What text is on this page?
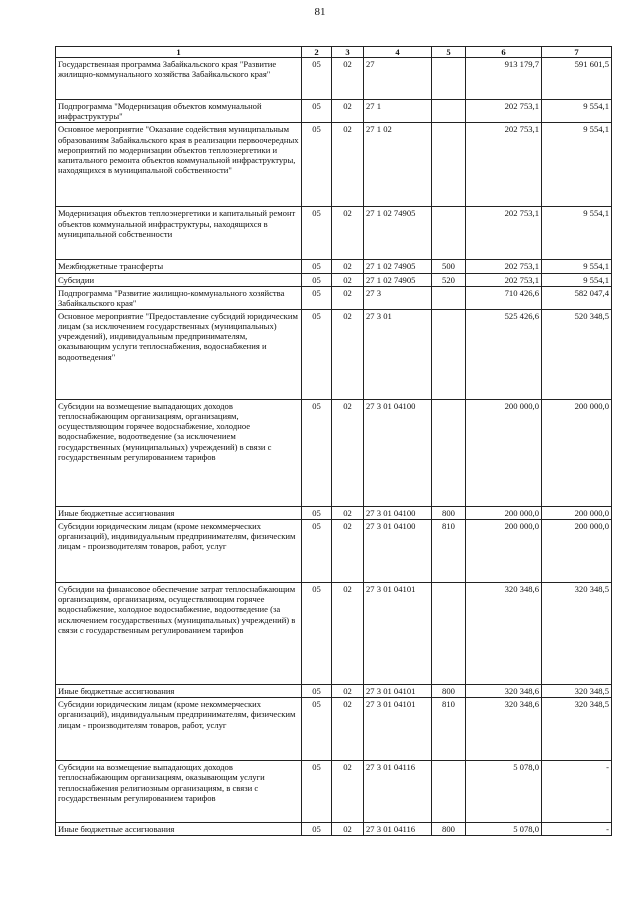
81
1	2	3	4	5	6	7
Государственная программа Забайкальского края "Развитие жилищно-коммунального хозяйства Забайкальского края"	05	02	27		913 179,7	591 601,5
Подпрограмма "Модернизация объектов коммунальной инфраструктуры"	05	02	27 1		202 753,1	9 554,1
Основное мероприятие "Оказание содействия муниципальным образованиям Забайкальского края в реализации первоочередных мероприятий по модернизации объектов теплоэнергетики и капитального ремонта объектов коммунальной инфраструктуры, находящихся в муниципальной собственности"	05	02	27 1 02		202 753,1	9 554,1
Модернизация объектов теплоэнергетики и капитальный ремонт объектов коммунальной инфраструктуры, находящихся в муниципальной собственности	05	02	27 1 02 74905		202 753,1	9 554,1
Межбюджетные трансферты	05	02	27 1 02 74905	500	202 753,1	9 554,1
Субсидии	05	02	27 1 02 74905	520	202 753,1	9 554,1
Подпрограмма "Развитие жилищно-коммунального хозяйства Забайкальского края"	05	02	27 3		710 426,6	582 047,4
Основное мероприятие "Предоставление субсидий юридическим лицам (за исключением государственных (муниципальных) учреждений), индивидуальным предпринимателям, оказывающим услуги теплоснабжения, водоснабжения и водоотведения"	05	02	27 3 01		525 426,6	520 348,5
Субсидии на возмещение выпадающих доходов теплоснабжающим организациям, организациям, осуществляющим горячее водоснабжение, холодное водоснабжение, водоотведение (за исключением государственных (муниципальных) учреждений) в связи с государственным регулированием тарифов	05	02	27 3 01 04100		200 000,0	200 000,0
Иные бюджетные ассигнования	05	02	27 3 01 04100	800	200 000,0	200 000,0
Субсидии юридическим лицам (кроме некоммерческих организаций), индивидуальным предпринимателям, физическим лицам - производителям товаров, работ, услуг	05	02	27 3 01 04100	810	200 000,0	200 000,0
Субсидии на финансовое обеспечение затрат теплоснабжающим организациям, организациям, осуществляющим горячее водоснабжение, холодное водоснабжение, водоотведение (за исключением государственных (муниципальных) учреждений) в связи с государственным регулированием тарифов	05	02	27 3 01 04101		320 348,6	320 348,5
Иные бюджетные ассигнования	05	02	27 3 01 04101	800	320 348,6	320 348,5
Субсидии юридическим лицам (кроме некоммерческих организаций), индивидуальным предпринимателям, физическим лицам - производителям товаров, работ, услуг	05	02	27 3 01 04101	810	320 348,6	320 348,5
Субсидии на возмещение выпадающих доходов теплоснабжающим организациям, оказывающим услуги теплоснабжения религиозным организациям, в связи с государственным регулированием тарифов	05	02	27 3 01 04116		5 078,0	-
Иные бюджетные ассигнования	05	02	27 3 01 04116	800	5 078,0	-
